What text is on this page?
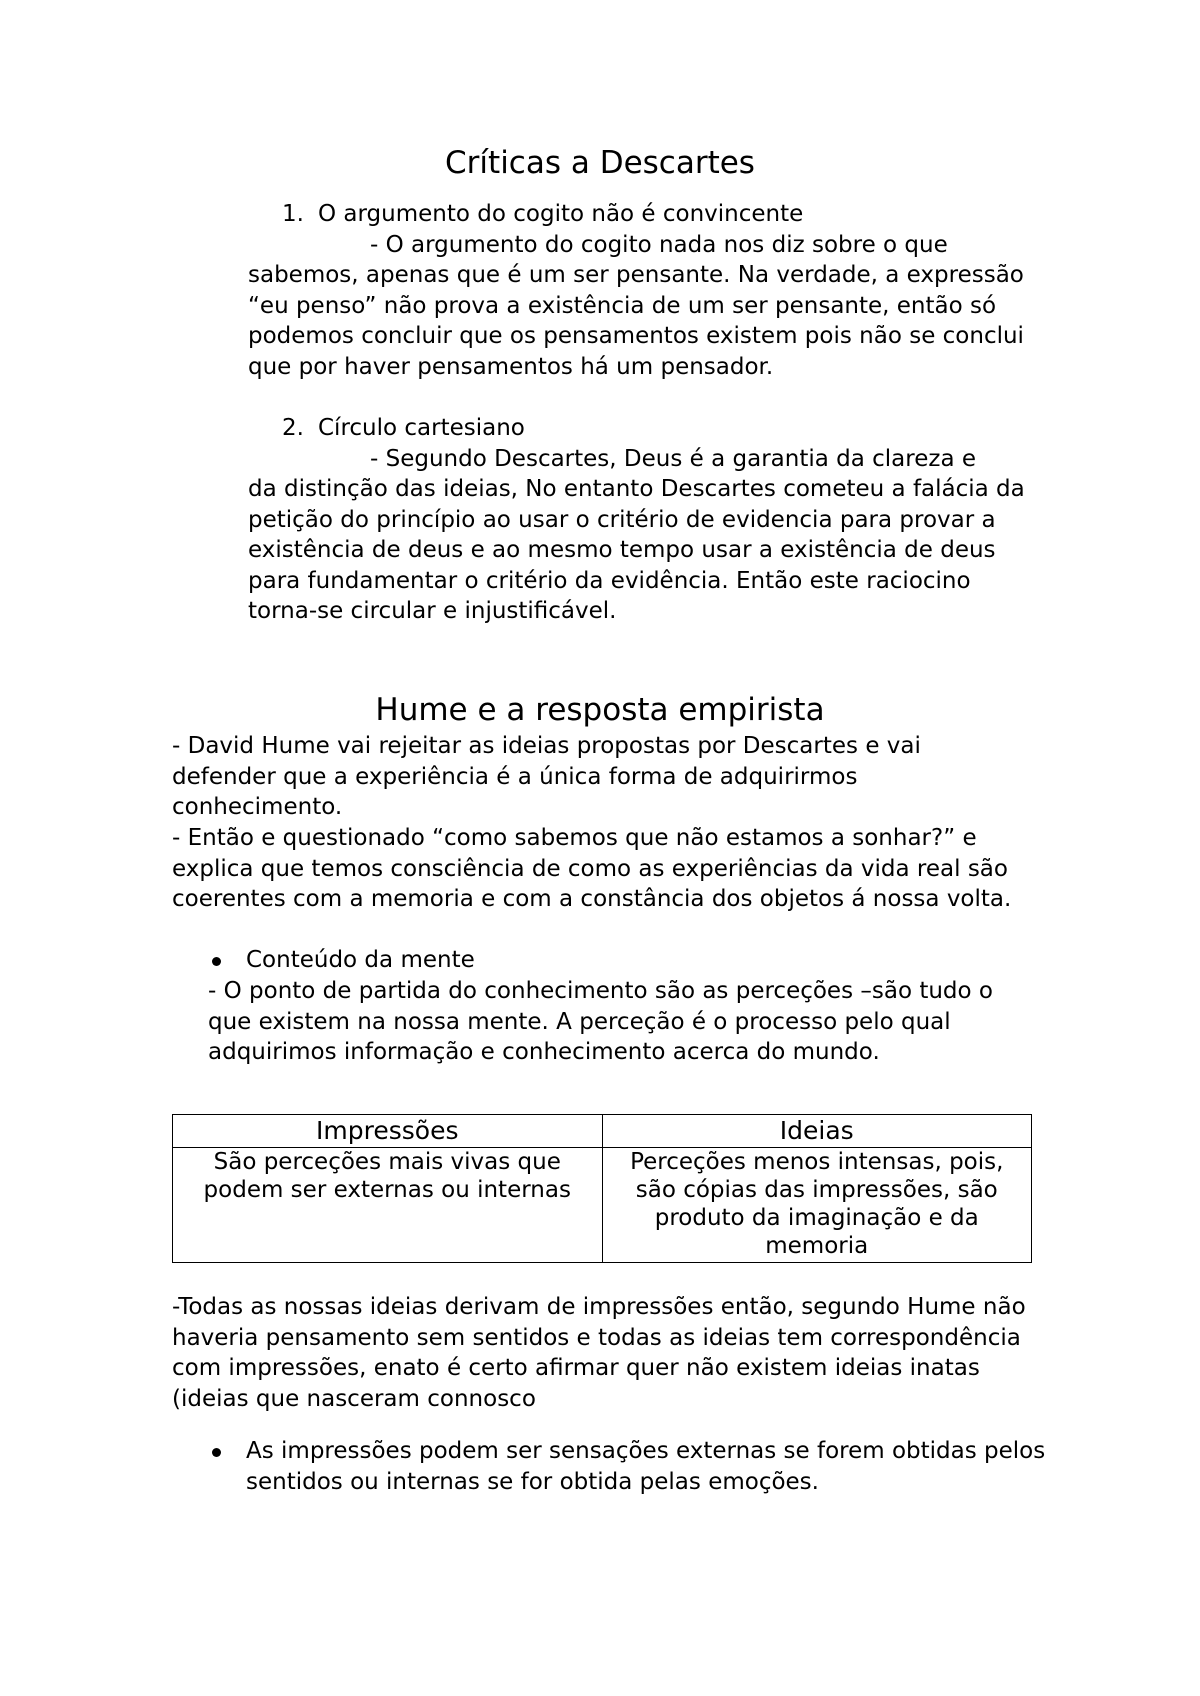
Críticas a Descartes

1. O argumento do cogito não é convincente

- O argumento do cogito nada nos diz sobre o que

sabemos, apenas que é um ser pensante. Na verdade, a expressão “eu penso” não prova a existência de um ser pensante, então só podemos concluir que os pensamentos existem pois não se conclui que por haver pensamentos há um pensador.

2. Círculo cartesiano

- Segundo Descartes, Deus é a garantia da clareza e

da distinção das ideias, No entanto Descartes cometeu a falácia da petição do princípio ao usar o critério de evidencia para provar a existência de deus e ao mesmo tempo usar a existência de deus para fundamentar o critério da evidência. Então este raciocino torna-se circular e injustificável.

Hume e a resposta empirista

- David Hume vai rejeitar as ideias propostas por Descartes e vai defender que a experiência é a única forma de adquirirmos conhecimento.

- Então e questionado “como sabemos que não estamos a sonhar?” e explica que temos consciência de como as experiências da vida real são coerentes com a memoria e com a constância dos objetos á nossa volta.

Conteúdo da mente

- O ponto de partida do conhecimento são as perceções –são tudo o que existem na nossa mente. A perceção é o processo pelo qual adquirimos informação e conhecimento acerca do mundo.

Impressões	Ideias
São perceções mais vivas que podem ser externas ou internas	Perceções menos intensas, pois, são cópias das impressões, são produto da imaginação e da memoria

-Todas as nossas ideias derivam de impressões então, segundo Hume não haveria pensamento sem sentidos e todas as ideias tem correspondência com impressões, enato é certo afirmar quer não existem ideias inatas (ideias que nasceram connosco

As impressões podem ser sensações externas se forem obtidas pelos sentidos ou internas se for obtida pelas emoções.
